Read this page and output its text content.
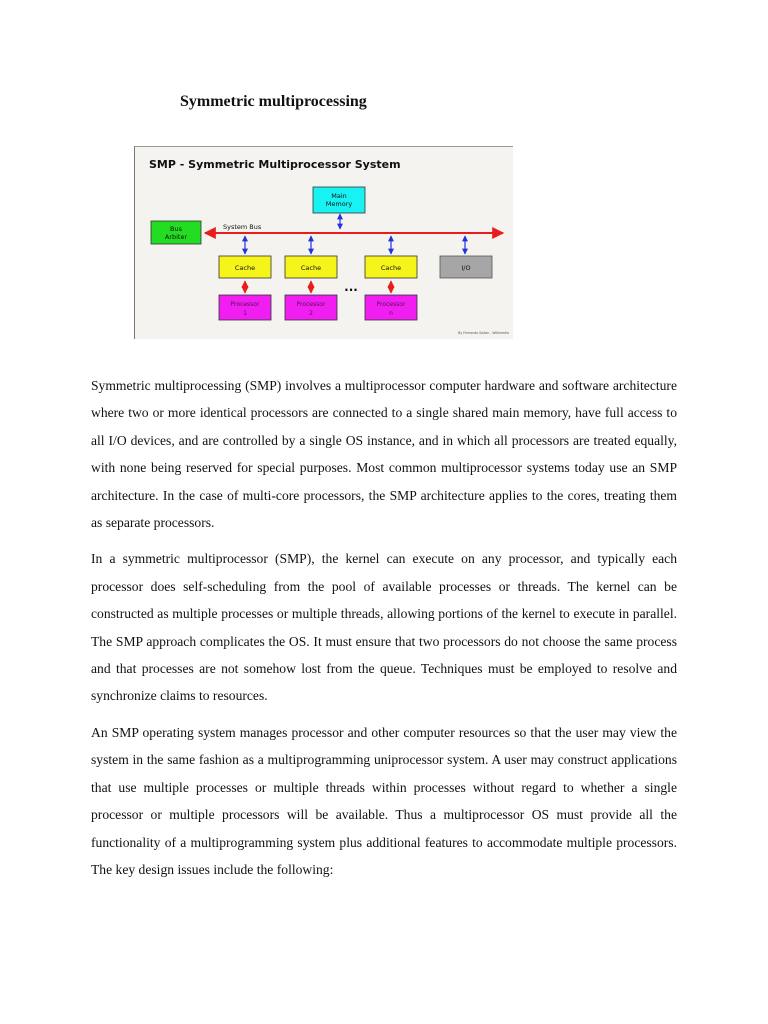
Symmetric multiprocessing
SMP - Symmetric Multiprocessor System
Main
Memory
Bus
Arbiter
System Bus
Cache	Cache	Cache	I/O
Processor
1
Processor
2
Processor
n
...
By Fernando Soltan - Wikimedia

Symmetric multiprocessing (SMP) involves a multiprocessor computer hardware and software architecture where two or more identical processors are connected to a single shared main memory, have full access to all I/O devices, and are controlled by a single OS instance, and in which all processors are treated equally, with none being reserved for special purposes. Most common multiprocessor systems today use an SMP architecture. In the case of multi-core processors, the SMP architecture applies to the cores, treating them as separate processors.

In a symmetric multiprocessor (SMP), the kernel can execute on any processor, and typically each processor does self-scheduling from the pool of available processes or threads. The kernel can be constructed as multiple processes or multiple threads, allowing portions of the kernel to execute in parallel. The SMP approach complicates the OS. It must ensure that two processors do not choose the same process and that processes are not somehow lost from the queue. Techniques must be employed to resolve and synchronize claims to resources.

An SMP operating system manages processor and other computer resources so that the user may view the system in the same fashion as a multiprogramming uniprocessor system. A user may construct applications that use multiple processes or multiple threads within processes without regard to whether a single processor or multiple processors will be available. Thus a multiprocessor OS must provide all the functionality of a multiprogramming system plus additional features to accommodate multiple processors. The key design issues include the following:
